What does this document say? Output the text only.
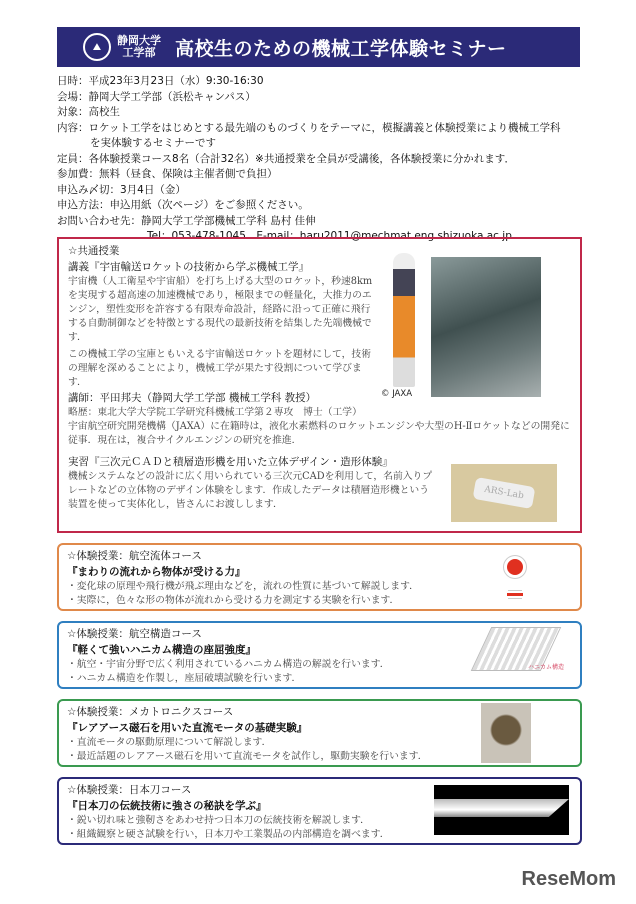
⛰	静岡大学
工学部 高校生のための機械工学体験セミナー
日時：平成23年3月23日（水）9:30-16:30
会場：静岡大学工学部（浜松キャンパス）
対象：高校生
内容：ロケット工学をはじめとする最先端のものづくりをテーマに，模擬講義と体験授業により機械工学科
を実体験するセミナーです
定員：各体験授業コース8名（合計32名）※共通授業を全員が受講後，各体験授業に分かれます．
参加費：無料（昼食、保険は主催者側で負担）
申込み〆切：3月4日（金）
申込方法：申込用紙（次ページ）をご参照ください。
お問い合わせ先：静岡大学工学部機械工学科 島村 佳伸
Tel：053-478-1045　E-mail：haru2011@mechmat.eng.shizuoka.ac.jp
☆共通授業
講義『宇宙輸送ロケットの技術から学ぶ機械工学』
宇宙機（人工衛星や宇宙船）を打ち上げる大型のロケット，秒速8kmを実現する超高速の加速機械であり，極限までの軽量化，大推力のエンジン，塑性変形を許容する有限寿命設計，経路に沿って正確に飛行する自動制御などを特徴とする現代の最新技術を結集した先端機械です．
この機械工学の宝庫ともいえる宇宙輸送ロケットを題材にして，技術の理解を深めることにより，機械工学が果たす役割について学びます．
講師：平田邦夫（静岡大学工学部 機械工学科 教授）
略歴：東北大学大学院工学研究科機械工学第２専攻　博士（工学）
宇宙航空研究開発機構（JAXA）に在籍時は，液化水素燃料のロケットエンジンや大型のH-Ⅱロケットなどの開発に従事．現在は，複合サイクルエンジンの研究を推進．
実習『三次元ＣＡＤと積層造形機を用いた立体デザイン・造形体験』
機械システムなどの設計に広く用いられている三次元CADを利用して，名前入りプレートなどの立体物のデザイン体験をします．作成したデータは積層造形機という装置を使って実体化し，皆さんにお渡しします．
© JAXA
ARS-Lab
☆体験授業：航空流体コース
『まわりの流れから物体が受ける力』
・変化球の原理や飛行機が飛ぶ理由などを，流れの性質に基づいて解説します．
・実際に，色々な形の物体が流れから受ける力を測定する実験を行います．
☆体験授業：航空構造コース
『軽くて強いハニカム構造の座屈強度』
・航空・宇宙分野で広く利用されているハニカム構造の解説を行います．
・ハニカム構造を作製し，座屈破壊試験を行います．
ハニカム構造
☆体験授業：メカトロニクスコース
『レアアース磁石を用いた直流モータの基礎実験』
・直流モータの駆動原理について解説します．
・最近話題のレアアース磁石を用いて直流モータを試作し，駆動実験を行います．
☆体験授業：日本刀コース
『日本刀の伝統技術に強さの秘訣を学ぶ』
・鋭い切れ味と強靭さをあわせ持つ日本刀の伝統技術を解説します．
・組織観察と硬さ試験を行い，日本刀や工業製品の内部構造を調べます．
ReseMom
